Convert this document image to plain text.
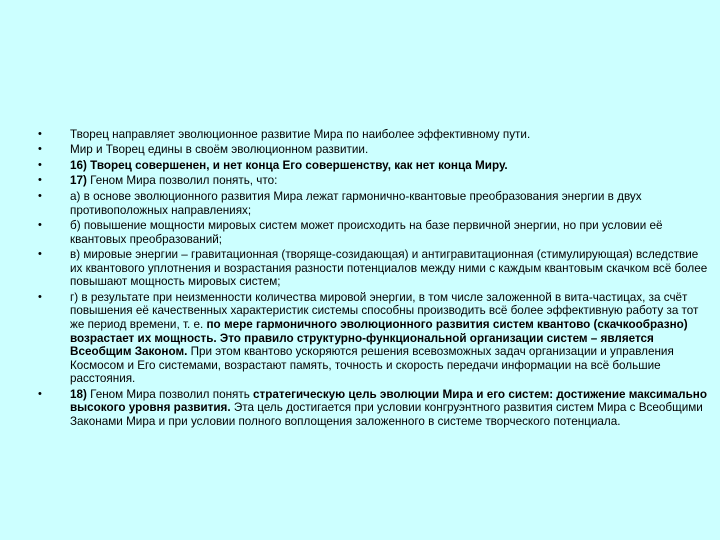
•	Творец направляет эволюционное развитие Мира по наиболее эффективному пути.
•	Мир и Творец едины в своём эволюционном развитии.
•	16) Творец совершенен, и нет конца Его совершенству, как нет конца Миру.
•	17) Геном Мира позволил понять, что:
•	а) в основе эволюционного развития Мира лежат гармонично-квантовые преобразования энергии в двух противоположных направлениях;
•	б) повышение мощности мировых систем может происходить на базе первичной энергии, но при условии её квантовых преобразований;
•	в) мировые энергии – гравитационная (творяще-созидающая) и антигравитационная (стимулирующая) вследствие их квантового уплотнения и возрастания разности потенциалов между ними с каждым квантовым скачком всё более повышают мощность мировых систем;
•	г) в результате при неизменности количества мировой энергии, в том числе заложенной в вита-частицах, за счёт повышения её качественных характеристик системы способны производить всё более эффективную работу за тот же период времени, т. е. по мере гармоничного эволюционного развития систем квантово (скачкообразно) возрастает их мощность. Это правило структурно-функциональной организации систем – является Всеобщим Законом. При этом квантово ускоряются решения всевозможных задач организации и управления Космосом и Его системами, возрастают память, точность и скорость передачи информации на всё большие расстояния.
•	18) Геном Мира позволил понять стратегическую цель эволюции Мира и его систем: достижение максимально высокого уровня развития. Эта цель достигается при условии конгруэнтного развития систем Мира с Всеобщими Законами Мира и при условии полного воплощения заложенного в системе творческого потенциала.
